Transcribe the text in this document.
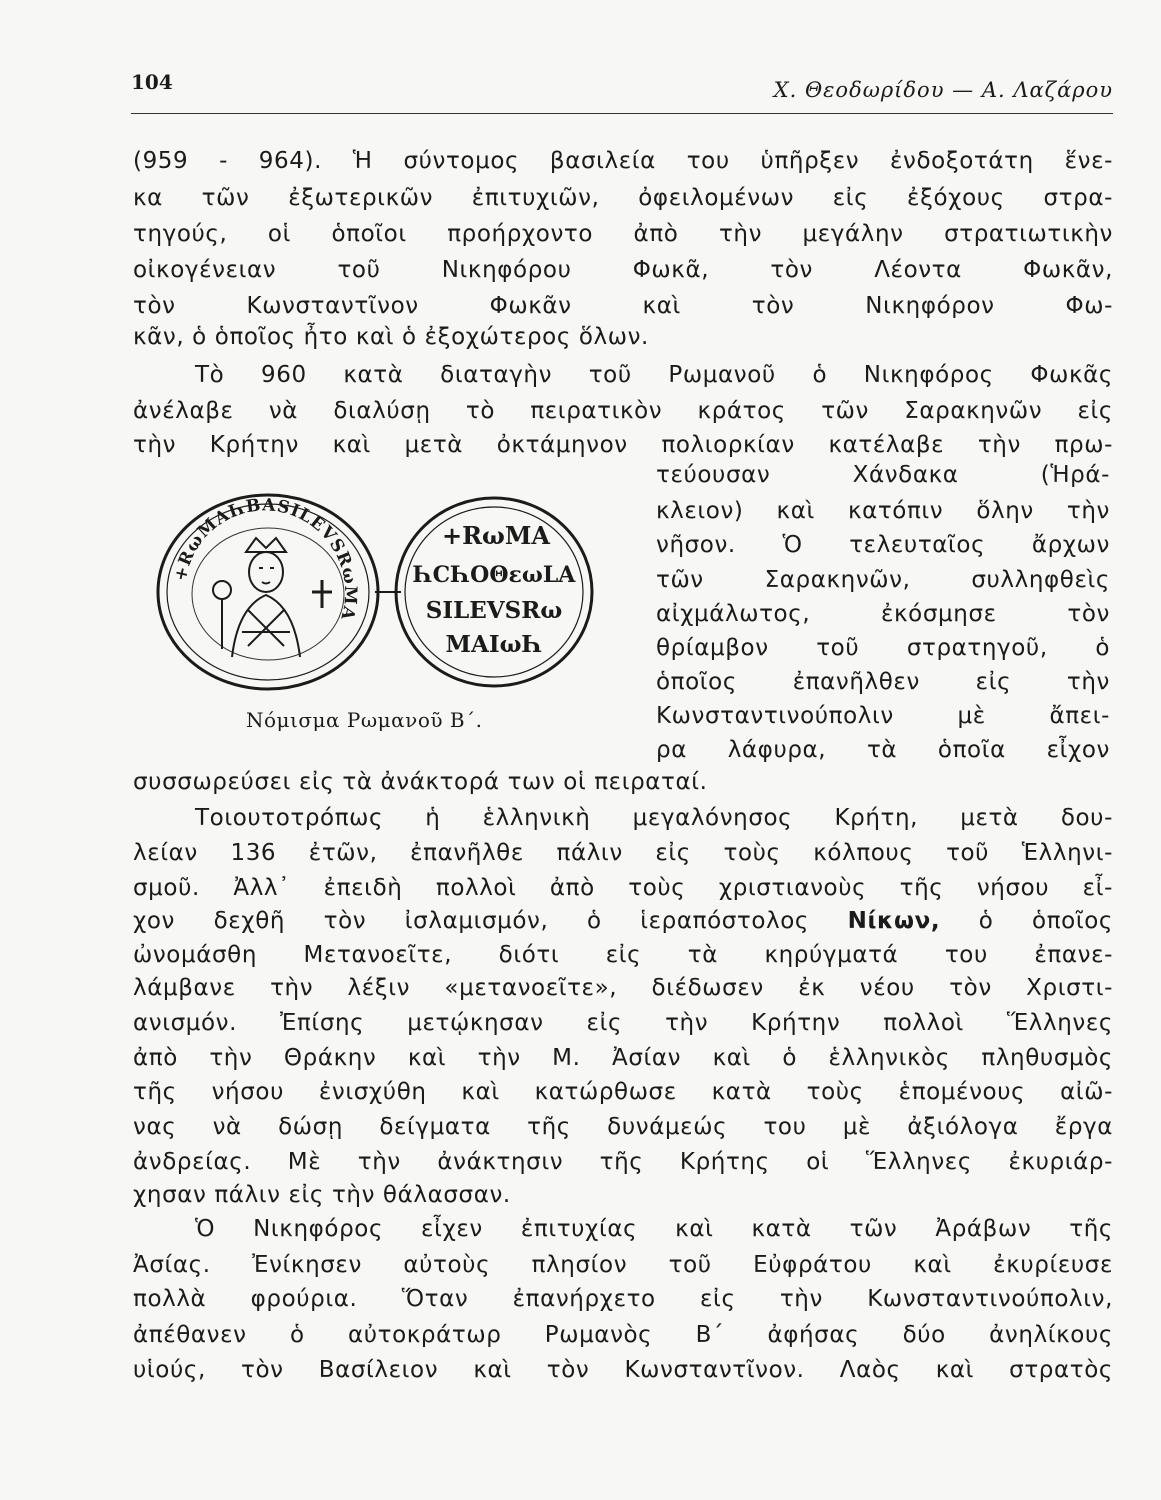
104	Χ. Θεοδωρίδου — Α. Λαζάρου
(959 - 964). Ἡ σύντομος βασιλεία του ὑπῆρξεν ἐνδοξοτάτη ἕνε-
κα τῶν ἐξωτερικῶν ἐπιτυχιῶν, ὀφειλομένων εἰς ἐξόχους στρα-
τηγούς, οἱ ὁποῖοι προήρχοντο ἀπὸ τὴν μεγάλην στρατιωτικὴν
οἰκογένειαν τοῦ Νικηφόρου Φωκᾶ, τὸν Λέοντα Φωκᾶν,
τὸν Κωνσταντῖνον Φωκᾶν καὶ τὸν Νικηφόρον Φω-
κᾶν, ὁ ὁποῖος ἦτο καὶ ὁ ἐξοχώτερος ὅλων.
Τὸ 960 κατὰ διαταγὴν τοῦ Ρωμανοῦ ὁ Νικηφόρος Φωκᾶς
ἀνέλαβε νὰ διαλύσῃ τὸ πειρατικὸν κράτος τῶν Σαρακηνῶν εἰς
τὴν Κρήτην καὶ μετὰ ὀκτάμηνον πολιορκίαν κατέλαβε τὴν πρω-
τεύουσαν Χάνδακα (Ἡρά-
κλειον) καὶ κατόπιν ὅλην τὴν
νῆσον. Ὁ τελευταῖος ἄρχων
τῶν Σαρακηνῶν, συλληφθεὶς
αἰχμάλωτος, ἐκόσμησε τὸν
θρίαμβον τοῦ στρατηγοῦ, ὁ
ὁποῖος ἐπανῆλθεν εἰς τὴν
Κωνσταντινούπολιν μὲ ἄπει-
ρα λάφυρα, τὰ ὁποῖα εἶχον
συσσωρεύσει εἰς τὰ ἀνάκτορά των οἱ πειραταί.
+RωMAҺBASILEVSRωMA
+RωMA
ҺCҺOΘεωLA
SILEVSRω
MAIωҺ
Νόμισμα Ρωμανοῦ Β΄.
Τοιουτοτρόπως ἡ ἑλληνικὴ μεγαλόνησος Κρήτη, μετὰ δου-
λείαν 136 ἐτῶν, ἐπανῆλθε πάλιν εἰς τοὺς κόλπους τοῦ Ἑλληνι-
σμοῦ. Ἀλλ᾿ ἐπειδὴ πολλοὶ ἀπὸ τοὺς χριστιανοὺς τῆς νήσου εἶ-
χον δεχθῆ τὸν ἰσλαμισμόν, ὁ ἱεραπόστολος Νίκων, ὁ ὁποῖος
ὠνομάσθη Μετανοεῖτε, διότι εἰς τὰ κηρύγματά του ἐπανε-
λάμβανε τὴν λέξιν «μετανοεῖτε», διέδωσεν ἐκ νέου τὸν Χριστι-
ανισμόν. Ἐπίσης μετῴκησαν εἰς τὴν Κρήτην πολλοὶ Ἕλληνες
ἀπὸ τὴν Θράκην καὶ τὴν Μ. Ἀσίαν καὶ ὁ ἑλληνικὸς πληθυσμὸς
τῆς νήσου ἐνισχύθη καὶ κατώρθωσε κατὰ τοὺς ἑπομένους αἰῶ-
νας νὰ δώσῃ δείγματα τῆς δυνάμεώς του μὲ ἀξιόλογα ἔργα
ἀνδρείας. Μὲ τὴν ἀνάκτησιν τῆς Κρήτης οἱ Ἕλληνες ἐκυριάρ-
χησαν πάλιν εἰς τὴν θάλασσαν.
Ὁ Νικηφόρος εἶχεν ἐπιτυχίας καὶ κατὰ τῶν Ἀράβων τῆς
Ἀσίας. Ἐνίκησεν αὐτοὺς πλησίον τοῦ Εὐφράτου καὶ ἐκυρίευσε
πολλὰ φρούρια. Ὅταν ἐπανήρχετο εἰς τὴν Κωνσταντινούπολιν,
ἀπέθανεν ὁ αὐτοκράτωρ Ρωμανὸς Β΄ ἀφήσας δύο ἀνηλίκους
υἱούς, τὸν Βασίλειον καὶ τὸν Κωνσταντῖνον. Λαὸς καὶ στρατὸς
